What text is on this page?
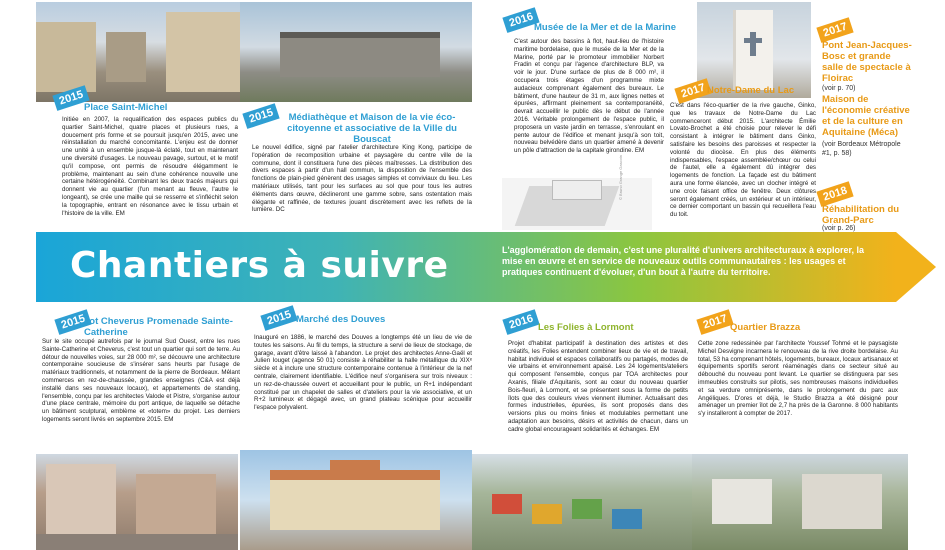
2015	2017
© Bruno Grange Gascoin
Place Saint-Michel
Initiée en 2007, la requalification des espaces publics du quartier Saint-Michel, quatre places et plusieurs rues, a doucement pris forme et se poursuit jusqu'en 2015, avec une réinstallation du marché concomitante. L'enjeu est de donner une unité à un ensemble jusque-là éclaté, tout en maintenant une diversité d'usages. Le nouveau pavage, surtout, et le motif qu'il compose, ont permis de résoudre élégamment le problème, maintenant au sein d'une cohérence nouvelle une certaine hétérogénéité. Combinant les deux tracés majeurs qui donnent vie au quartier (l'un menant au fleuve, l'autre le longeant), se crée une maille qui se resserre et s'infléchit selon la topographie, entrant en résonance avec le tissu urbain et l'histoire de la ville. EM
2015	Médiathèque et Maison de la vie éco-citoyenne et associative de la Ville du Bouscat
Le nouvel édifice, signé par l'atelier d'architecture King Kong, participe de l'opération de recomposition urbaine et paysagère du centre ville de la commune, dont il constituera l'une des pièces maîtresses. La distribution des divers espaces à partir d'un hall commun, la disposition de l'ensemble des fonctions de plain-pied génèrent des usages simples et conviviaux du lieu. Les matériaux utilisés, tant pour les surfaces au sol que pour tous les autres éléments dans œuvre, déclineront une gamme sobre, sans ostentation mais élégante et raffinée, de textures jouant discrètement avec les reflets de la lumière. DC
2016 Musée de la Mer et de la Marine
C'est autour des bassins à flot, haut-lieu de l'histoire maritime bordelaise, que le musée de la Mer et de la Marine, porté par le promoteur immobilier Norbert Fradin et conçu par l'agence d'architecture BLP, va voir le jour. D'une surface de plus de 8 000 m², il occupera trois étages d'un programme mixte audacieux comprenant également des bureaux. Le bâtiment, d'une hauteur de 31 m, aux lignes nettes et épurées, affirmant pleinement sa contemporanéité, devrait accueillir le public dès le début de l'année 2016. Véritable prolongement de l'espace public, il proposera un vaste jardin en terrasse, s'enroulant en pente autour de l'édifice et menant jusqu'à son toit, nouveau belvédère dans un quartier amené à devenir un pôle d'attraction de la capitale girondine. EM
Notre-Dame du Lac
C'est dans l'éco-quartier de la rive gauche, Ginko, que les travaux de Notre-Dame du Lac commenceront début 2015. L'architecte Émilie Lovato-Brochet a été choisie pour relever le défi consistant à intégrer le bâtiment dans Ginko, satisfaire les besoins des paroisses et respecter la volonté du diocèse. En plus des éléments indispensables, l'espace assemblée/chœur ou celui de l'autel, elle a également dû intégrer des logements de fonction. La façade est du bâtiment aura une forme élancée, avec un clocher intégré et une croix faisant office de fenêtre. Deux clôtures seront également créés, un extérieur et un intérieur, ce dernier comportant un bassin qui recueillera l'eau du toit.
2017
Pont Jean-Jacques-Bosc et grande salle de spectacle à Floirac
(voir p. 70)
Maison de l'économie créative et de la culture en Aquitaine (Méca)
(voir Bordeaux Métropole #1, p. 58)
2018
Réhabilitation du Grand-Parc
(voir p. 26)
Chantiers à suivre	L'agglomération de demain, c'est une pluralité d'univers architecturaux à explorer, la mise en œuvre et en service de nouveaux outils communautaires : les usages et pratiques continuent d'évoluer, d'un bout à l'autre du territoire.
2015
Îlot Cheverus Promenade Sainte-Catherine
Sur le site occupé autrefois par le journal Sud Ouest, entre les rues Sainte-Catherine et Cheverus, c'est tout un quartier qui sort de terre. Au détour de nouvelles voies, sur 28 000 m², se découvre une architecture contemporaine soucieuse de s'insérer sans heurts par l'usage de matériaux traditionnels, et notamment de la pierre de Bordeaux. Mêlant commerces en rez-de-chaussée, grandes enseignes (C&A est déjà installé dans ses nouveaux locaux), et appartements de standing, l'ensemble, conçu par les architectes Valode et Pistre, s'organise autour d'une place centrale, mémoire du port antique, de laquelle se détache un bâtiment sculptural, emblème et «totem» du projet. Les derniers logements seront livrés en septembre 2015. EM
2015 Marché des Douves
Inauguré en 1886, le marché des Douves a longtemps été un lieu de vie de toutes les saisons. Au fil du temps, la structure a servi de lieux de stockage, de garage, avant d'être laissé à l'abandon. Le projet des architectes Anne-Gaël et Julien Iouget (agence 50 01) consiste à réhabiliter la halle métallique du XIXᵉ siècle et à inclure une structure contemporaine contenue à l'intérieur de la nef centrale, clairement identifiable. L'édifice neuf s'organisera sur trois niveaux : un rez-de-chaussée ouvert et accueillant pour le public, un R+1 indépendant constitué par un chapelet de salles et d'ateliers pour la vie associative, et un R+2 lumineux et dégagé avec, un grand plateau scénique pour accueillir l'espace polyvalent.
2016 Les Folies à Lormont
Projet d'habitat participatif à destination des artistes et des créatifs, les Folies entendent combiner lieux de vie et de travail, habitat individuel et espaces collaboratifs ou partagés, modes de vie urbains et environnement apaisé. Les 24 logements/ateliers qui composent l'ensemble, conçus par TOA architectes pour Axanis, filiale d'Aquitanis, sont au cœur du nouveau quartier Bois-fleuri, à Lormont, et se présentent sous la forme de petits îlots que des couleurs vives viennent illuminer. Actualisant des formes industrielles, épurées, ils sont proposés dans des versions plus ou moins finies et modulables permettant une adaptation aux besoins, désirs et activités de chacun, dans un cadre global encourageant solidarités et échanges. EM
2017 Quartier Brazza
Cette zone redessinée par l'architecte Youssef Tohmé et le paysagiste Michel Desvigne incarnera le renouveau de la rive droite bordelaise. Au total, 53 ha comprenant hôtels, logements, bureaux, locaux artisanaux et équipements sportifs seront réaménagés dans ce secteur situé au débouché du nouveau pont levant. Le quartier se distinguera par ses immeubles construits sur pilotis, ses nombreuses maisons individuelles et sa verdure omniprésente, dans le prolongement du parc aux Angéliques. D'ores et déjà, le Studio Brazza a été désigné pour aménager un premier îlot de 2,7 ha près de la Garonne. 8 000 habitants s'y installeront à compter de 2017.
